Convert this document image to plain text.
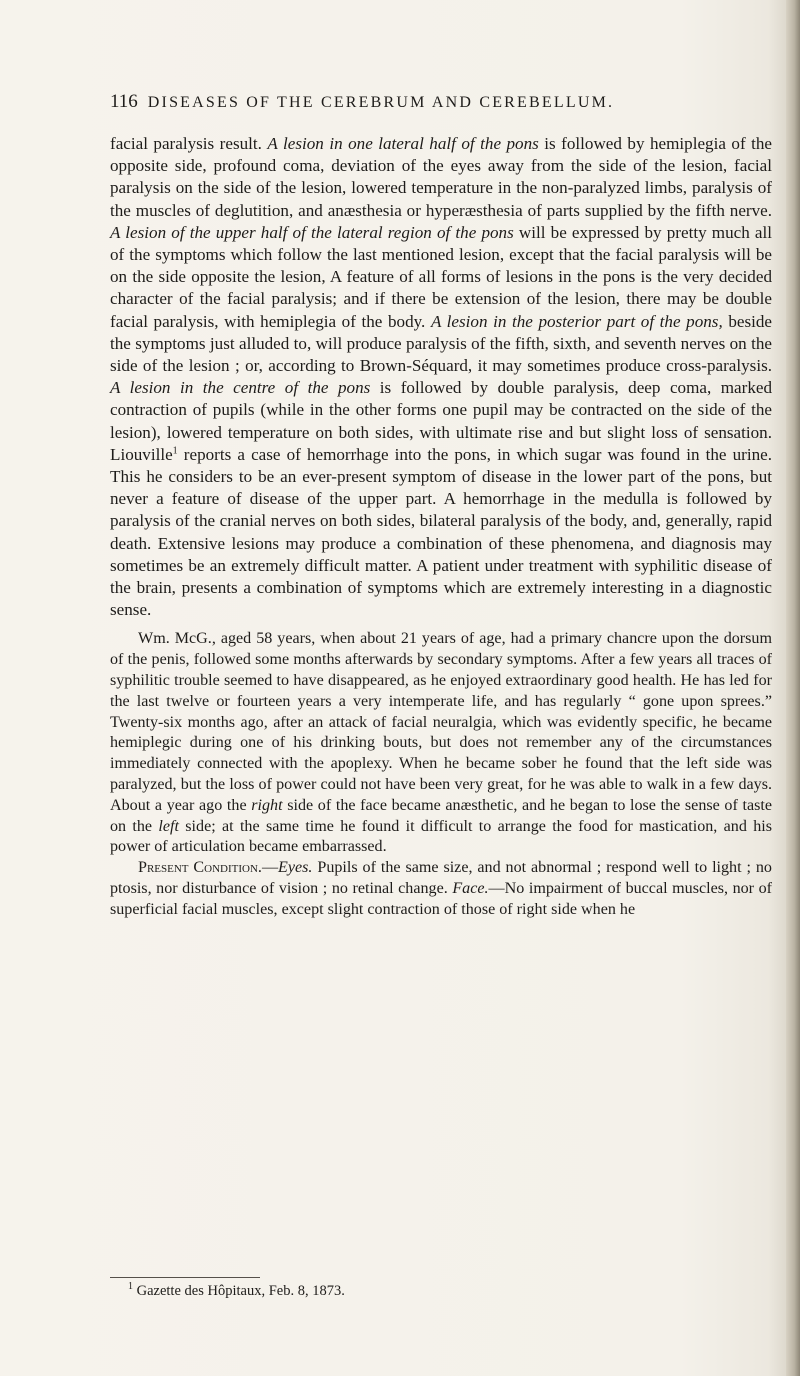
116 DISEASES OF THE CEREBRUM AND CEREBELLUM.

facial paralysis result. A lesion in one lateral half of the pons is followed by hemiplegia of the opposite side, profound coma, deviation of the eyes away from the side of the lesion, facial paralysis on the side of the lesion, lowered temperature in the non-paralyzed limbs, paralysis of the muscles of deglutition, and anæsthesia or hyperæsthesia of parts supplied by the fifth nerve. A lesion of the upper half of the lateral region of the pons will be expressed by pretty much all of the symptoms which follow the last mentioned lesion, except that the facial paralysis will be on the side opposite the lesion, A feature of all forms of lesions in the pons is the very decided character of the facial paralysis; and if there be extension of the lesion, there may be double facial paralysis, with hemiplegia of the body. A lesion in the posterior part of the pons, beside the symptoms just alluded to, will produce paralysis of the fifth, sixth, and seventh nerves on the side of the lesion ; or, according to Brown-Séquard, it may sometimes produce cross-paralysis. A lesion in the centre of the pons is followed by double paralysis, deep coma, marked contraction of pupils (while in the other forms one pupil may be contracted on the side of the lesion), lowered temperature on both sides, with ultimate rise and but slight loss of sensation. Liouville$^1$ reports a case of hemorrhage into the pons, in which sugar was found in the urine. This he considers to be an ever-present symptom of disease in the lower part of the pons, but never a feature of disease of the upper part. A hemorrhage in the medulla is followed by paralysis of the cranial nerves on both sides, bilateral paralysis of the body, and, generally, rapid death. Extensive lesions may produce a combination of these phenomena, and diagnosis may sometimes be an extremely difficult matter. A patient under treatment with syphilitic disease of the brain, presents a combination of symptoms which are extremely interesting in a diagnostic sense.

Wm. McG., aged 58 years, when about 21 years of age, had a primary chancre upon the dorsum of the penis, followed some months afterwards by secondary symptoms. After a few years all traces of syphilitic trouble seemed to have disappeared, as he enjoyed extraordinary good health. He has led for the last twelve or fourteen years a very intemperate life, and has regularly “ gone upon sprees.” Twenty-six months ago, after an attack of facial neuralgia, which was evidently specific, he became hemiplegic during one of his drinking bouts, but does not remember any of the circumstances immediately connected with the apoplexy. When he became sober he found that the left side was paralyzed, but the loss of power could not have been very great, for he was able to walk in a few days. About a year ago the right side of the face became anæsthetic, and he began to lose the sense of taste on the left side; at the same time he found it difficult to arrange the food for mastication, and his power of articulation became embarrassed.

Present Condition.—Eyes. Pupils of the same size, and not abnormal ; respond well to light ; no ptosis, nor disturbance of vision ; no retinal change. Face.—No impairment of buccal muscles, nor of superficial facial muscles, except slight contraction of those of right side when he

$^1$ Gazette des Hôpitaux, Feb. 8, 1873.
